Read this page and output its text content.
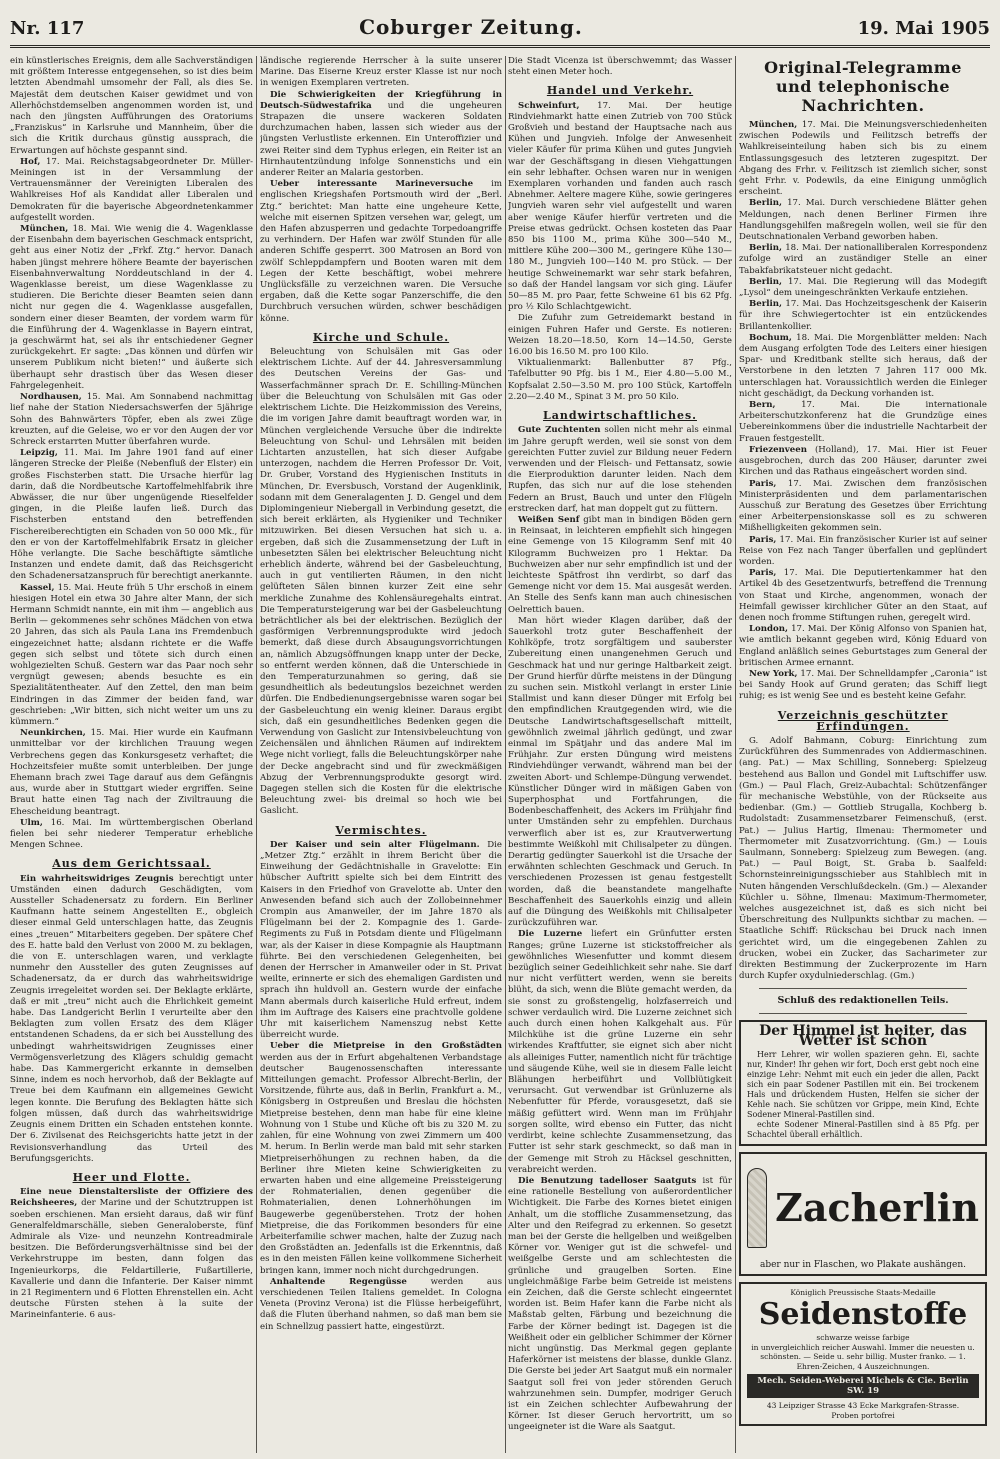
Nr. 117	Coburger Zeitung.	19. Mai 1905

ein künstlerisches Ereignis, dem alle Sachverständigen mit größtem Interesse entgegensehen, so ist dies beim letzten Abendmahl umsomehr der Fall, als dies Se. Majestät dem deutschen Kaiser gewidmet und von Allerhöchstdemselben angenommen worden ist, und nach den jüngsten Aufführungen des Oratoriums „Franziskus“ in Karlsruhe und Mannheim, über die sich die Kritik durchaus günstig aussprach, die Erwartungen auf höchste gespannt sind.

Hof, 17. Mai. Reichstagsabgeordneter Dr. Müller-Meiningen ist in der Versammlung der Vertrauensmänner der Vereinigten Liberalen des Wahlkreises Hof als Kandidat aller Liberalen und Demokraten für die bayerische Abgeordnetenkammer aufgestellt worden.

München, 18. Mai. Wie wenig die 4. Wagenklasse der Eisenbahn dem bayerischen Geschmack entspricht, geht aus einer Notiz der „Frkf. Ztg.“ hervor. Danach haben jüngst mehrere höhere Beamte der bayerischen Eisenbahnverwaltung Norddeutschland in der 4. Wagenklasse bereist, um diese Wagenklasse zu studieren. Die Berichte dieser Beamten seien dann nicht nur gegen die 4. Wagenklasse ausgefallen, sondern einer dieser Beamten, der vordem warm für die Einführung der 4. Wagenklasse in Bayern eintrat, ja geschwärmt hat, sei als ihr entschiedener Gegner zurückgekehrt. Er sagte: „Das können und dürfen wir unserem Publikum nicht bieten!“ und äußerte sich überhaupt sehr drastisch über das Wesen dieser Fahrgelegenheit.

Nordhausen, 15. Mai. Am Sonnabend nachmittag lief nahe der Station Niedersachswerfen der 5jährige Sohn des Bahnwärters Töpfer, eben als zwei Züge kreuzten, auf die Geleise, wo er vor den Augen der vor Schreck erstarrten Mutter überfahren wurde.

Leipzig, 11. Mai. Im Jahre 1901 fand auf einer längeren Strecke der Pleiße (Nebenfluß der Elster) ein großes Fischsterben statt. Die Ursache hierfür lag darin, daß die Nordbeutsche Kartoffelmehlfabrik ihre Abwässer, die nur über ungenügende Rieselfelder gingen, in die Pleiße laufen ließ. Durch das Fischsterben entstand den betreffenden Fischereiberechtigten ein Schaden von 50 000 Mk., für den er von der Kartoffelmehlfabrik Ersatz in gleicher Höhe verlangte. Die Sache beschäftigte sämtliche Instanzen und endete damit, daß das Reichsgericht den Schadenersatzanspruch für berechtigt anerkannte.

Kassel, 15. Mai. Heute früh 5 Uhr erschoß in einem hiesigen Hotel ein etwa 30 Jahre alter Mann, der sich Hermann Schmidt nannte, ein mit ihm — angeblich aus Berlin — gekommenes sehr schönes Mädchen von etwa 20 Jahren, das sich als Paula Lana ins Fremdenbuch eingezeichnet hatte; alsdann richtete er die Waffe gegen sich selbst und tötete sich durch einen wohlgezielten Schuß. Gestern war das Paar noch sehr vergnügt gewesen; abends besuchte es ein Spezialitätentheater. Auf den Zettel, den man beim Eindringen in das Zimmer der beiden fand, war geschrieben: „Wir bitten, sich nicht weiter um uns zu kümmern.“

Neunkirchen, 15. Mai. Hier wurde ein Kaufmann unmittelbar vor der kirchlichen Trauung wegen Verbrechens gegen das Konkursgesetz verhaftet; die Hochzeitsfeier mußte somit unterbleiben. Der junge Ehemann brach zwei Tage darauf aus dem Gefängnis aus, wurde aber in Stuttgart wieder ergriffen. Seine Braut hatte einen Tag nach der Ziviltrauung die Ehescheidung beantragt.

Ulm, 16. Mai. Im württembergischen Oberland fielen bei sehr niederer Temperatur erhebliche Mengen Schnee.

Aus dem Gerichtssaal.

Ein wahrheitswidriges Zeugnis berechtigt unter Umständen einen dadurch Geschädigten, vom Aussteller Schadenersatz zu fordern. Ein Berliner Kaufmann hatte seinem Angestellten E., obgleich dieser einmal Geld unterschlagen hatte, das Zeugnis eines „treuen“ Mitarbeiters gegeben. Der spätere Chef des E. hatte bald den Verlust von 2000 M. zu beklagen, die von E. unterschlagen waren, und verklagte nunmehr den Aussteller des guten Zeugnisses auf Schadenersatz, da er durch das wahrheitswidrige Zeugnis irregeleitet worden sei. Der Beklagte erklärte, daß er mit „treu“ nicht auch die Ehrlichkeit gemeint habe. Das Landgericht Berlin I verurteilte aber den Beklagten zum vollen Ersatz des dem Kläger entstandenen Schadens, da er sich bei Ausstellung des unbedingt wahrheitswidrigen Zeugnisses einer Vermögensverletzung des Klägers schuldig gemacht habe. Das Kammergericht erkannte in demselben Sinne, indem es noch hervorhob, daß der Beklagte auf Treue bei dem Kaufmann ein allgemeines Gewicht legen konnte. Die Berufung des Beklagten hätte sich folgen müssen, daß durch das wahrheitswidrige Zeugnis einem Dritten ein Schaden entstehen konnte. Der 6. Zivilsenat des Reichsgerichts hatte jetzt in der Revisionsverhandlung das Urteil des Berufungsgerichts.

Heer und Flotte.

Eine neue Dienstaltersliste der Offiziere des Reichsheeres, der Marine und der Schutztruppen ist soeben erschienen. Man ersieht daraus, daß wir fünf Generalfeldmarschälle, sieben Generaloberste, fünf Admirale als Vize- und neunzehn Kontreadmirale besitzen. Die Beförderungsverhältnisse sind bei der Verkehrstruppe im besten, dann folgen das Ingenieurkorps, die Feldartillerie, Fußartillerie, Kavallerie und dann die Infanterie. Der Kaiser nimmt in 21 Regimentern und 6 Flotten Ehrenstellen ein. Acht deutsche Fürsten stehen à la suite der Marineinfanterie. 6 aus-

ländische regierende Herrscher à la suite unserer Marine. Das Eiserne Kreuz erster Klasse ist nur noch in wenigen Exemplaren vertreten.

Die Schwierigkeiten der Kriegführung in Deutsch-Südwestafrika und die ungeheuren Strapazen die unsere wackeren Soldaten durchzumachen haben, lassen sich wieder aus der jüngsten Verlustliste erkennen. Ein Unteroffizier und zwei Reiter sind dem Typhus erlegen, ein Reiter ist an Hirnhautentzündung infolge Sonnenstichs und ein anderer Reiter an Malaria gestorben.

Ueber interessante Marineversuche im englischen Kriegshafen Portsmouth wird der „Berl. Ztg.“ berichtet: Man hatte eine ungeheure Kette, welche mit eisernen Spitzen versehen war, gelegt, um den Hafen abzusperren und gedachte Torpedoangriffe zu verhindern. Der Hafen war zwölf Stunden für alle anderen Schiffe gesperrt. 300 Matrosen an Bord von zwölf Schleppdampfern und Booten waren mit dem Legen der Kette beschäftigt, wobei mehrere Unglücksfälle zu verzeichnen waren. Die Versuche ergaben, daß die Kette sogar Panzerschiffe, die den Durchbruch versuchen würden, schwer beschädigen könne.

Kirche und Schule.

Beleuchtung von Schulsälen mit Gas oder elektrischem Lichte. Auf der 44. Jahresversammlung des Deutschen Vereins der Gas- und Wasserfachmänner sprach Dr. E. Schilling-München über die Beleuchtung von Schulsälen mit Gas oder elektrischem Lichte. Die Heizkommission des Vereins, die im vorigen Jahre damit beauftragt worden war, in München vergleichende Versuche über die indirekte Beleuchtung von Schul- und Lehrsälen mit beiden Lichtarten anzustellen, hat sich dieser Aufgabe unterzogen, nachdem die Herren Professor Dr. Voit, Dr. Gruber, Vorstand des Hygienischen Instituts in München, Dr. Eversbusch, Vorstand der Augenklinik, sodann mit dem Generalagenten J. D. Gengel und dem Diplomingenieur Niebergall in Verbindung gesetzt, die sich bereit erklärten, als Hygieniker und Techniker mitzuwirken. Bei diesen Versuchen hat sich u. a. ergeben, daß sich die Zusammensetzung der Luft in unbesetzten Sälen bei elektrischer Beleuchtung nicht erheblich änderte, während bei der Gasbeleuchtung, auch in gut ventilierten Räumen, in den nicht gelüfteten Sälen binnen kurzer Zeit eine sehr merkliche Zunahme des Kohlensäuregehalts eintrat. Die Temperatursteigerung war bei der Gasbeleuchtung beträchtlicher als bei der elektrischen. Bezüglich der gasförmigen Verbrennungsprodukte wird jedoch bemerkt, daß diese durch Absaugungsvorrichtungen an, nämlich Abzugsöffnungen knapp unter der Decke, so entfernt werden können, daß die Unterschiede in den Temperaturzunahmen so gering, daß sie gesundheitlich als bedeutungslos bezeichnet werden dürfen. Die Endbedienungsergebnisse waren sogar bei der Gasbeleuchtung ein wenig kleiner. Daraus ergibt sich, daß ein gesundheitliches Bedenken gegen die Verwendung von Gaslicht zur Intensivbeleuchtung von Zeichensälen und ähnlichen Räumen auf indirektem Wege nicht vorliegt, falls die Beleuchtungskörper nahe der Decke angebracht sind und für zweckmäßigen Abzug der Verbrennungsprodukte gesorgt wird. Dagegen stellen sich die Kosten für die elektrische Beleuchtung zwei- bis dreimal so hoch wie bei Gaslicht.

Vermischtes.

Der Kaiser und sein alter Flügelmann. Die „Metzer Ztg.“ erzählt in ihrem Bericht über die Einweihung der Gedächtnishalle in Gravelotte: Ein hübscher Auftritt spielte sich bei dem Eintritt des Kaisers in den Friedhof von Gravelotte ab. Unter den Anwesenden befand sich auch der Zollobeinnehmer Crompin aus Amanweiler, der im Jahre 1870 als Flügelmann bei der 2. Kompagnie des 1. Garde-Regiments zu Fuß in Potsdam diente und Flügelmann war, als der Kaiser in diese Kompagnie als Hauptmann führte. Bei den verschiedenen Gelegenheiten, bei denen der Herrscher in Amanweiler oder in St. Privat weilte, erinnerte er sich des ehemaligen Gardisten und sprach ihn huldvoll an. Gestern wurde der einfache Mann abermals durch kaiserliche Huld erfreut, indem ihm im Auftrage des Kaisers eine prachtvolle goldene Uhr mit kaiserlichem Namenszug nebst Kette überreicht wurde.

Ueber die Mietpreise in den Großstädten werden aus der in Erfurt abgehaltenen Verbandstage deutscher Baugenossenschaften interessante Mitteilungen gemacht. Professor Albrecht-Berlin, der Vorsitzende, führte aus, daß in Berlin, Frankfurt a. M., Königsberg in Ostpreußen und Breslau die höchsten Mietpreise bestehen, denn man habe für eine kleine Wohnung von 1 Stube und Küche oft bis zu 320 M. zu zahlen, für eine Wohnung von zwei Zimmern um 400 M. herum. In Berlin werde man bald mit sehr starken Mietpreiserhöhungen zu rechnen haben, da die Berliner ihre Mieten keine Schwierigkeiten zu erwarten haben und eine allgemeine Preissteigerung der Rohmaterialien, denen gegenüber die Rohmaterialien, denen Lohnerhöhungen im Baugewerbe gegenüberstehen. Trotz der hohen Mietpreise, die das Forikommen besonders für eine Arbeiterfamilie schwer machen, halte der Zuzug nach den Großstädten an. Jedenfalls ist die Erkenntnis, daß es in den meisten Fällen keine vollkommene Sicherheit bringen kann, immer noch nicht durchgedrungen.

Anhaltende Regengüsse	werden aus verschiedenen Teilen Italiens gemeldet. In Cologna Veneta (Provinz Verona) ist die Flüsse herbeigeführt, daß die Fluten überhand nahmen, so daß man bem sie ein Schnellzug passiert hatte, eingestürzt.

Die Stadt Vicenza ist überschwemmt; das Wasser steht einen Meter hoch.

Handel und Verkehr.

Schweinfurt, 17. Mai. Der heutige Rindviehmarkt hatte einen Zutrieb von 700 Stück Großvieh und bestand der Hauptsache nach aus Kühen und Jungvieh. Infolge der Anwesenheit vieler Käufer für prima Kühen und gutes Jungvieh war der Geschäftsgang in diesen Viehgattungen ein sehr lebhafter. Ochsen waren nur in wenigen Exemplaren vorhanden und fanden auch rasch Abnehmer. Aeltere magere Kühe, sowie geringeres Jungvieh waren sehr viel aufgestellt und waren aber wenige Käufer hierfür vertreten und die Preise etwas gedrückt. Ochsen kosteten das Paar 850 bis 1100 M., prima Kühe 300—540 M., mittlere Kühe 200—300 M., geringere Kühe 130—180 M., Jungvieh 100—140 M. pro Stück. — Der heutige Schweinemarkt war sehr stark befahren, so daß der Handel langsam vor sich ging. Läufer 50—85 M. pro Paar, fette Schweine 61 bis 62 Pfg. pro ½ Kilo Schlachtgewicht.

Die Zufuhr zum Getreidemarkt bestand in einigen Fuhren Hafer und Gerste. Es notieren: Weizen 18.20—18.50, Korn 14—14.50, Gerste 16.00 bis 16.50 M. pro 100 Kilo.

Viktualienmarkt: Ballenbutter 87 Pfg., Tafelbutter 90 Pfg. bis 1 M., Eier 4.80—5.00 M., Kopfsalat 2.50—3.50 M. pro 100 Stück, Kartoffeln 2.20—2.40 M., Spinat 3 M. pro 50 Kilo.

Landwirtschaftliches.

Gute Zuchtenten sollen nicht mehr als einmal im Jahre gerupft werden, weil sie sonst von dem gereichten Futter zuviel zur Bildung neuer Federn verwenden und der Fleisch- und Fettansatz, sowie die Eierproduktion darunter leiden. Nach dem Rupfen, das sich nur auf die lose stehenden Federn an Brust, Bauch und unter den Flügeln erstrecken darf, hat man doppelt gut zu füttern.

Weißen Senf gibt man in bindigen Böden gern in Reinsaat, in leichteren empfiehlt sich hingegen eine Gemenge von 15 Kilogramm Senf mit 40 Kilogramm Buchweizen pro 1 Hektar. Da Buchweizen aber nur sehr empfindlich ist und der leichteste Spätfrost ihn verdirbt, so darf das Gemenge nicht vor dem 15. Mai ausgesät werden. An Stelle des Senfs kann man auch chinesischen Oelrettich bauen.

Man hört wieder Klagen darüber, daß der Sauerkohl trotz guter Beschaffenheit der Kohlköpfe, trotz sorgfältigem und sauberster Zubereitung einen unangenehmen Geruch und Geschmack hat und nur geringe Haltbarkeit zeigt. Der Grund hierfür dürfte meistens in der Düngung zu suchen sein. Mistkohl verlangt in erster Linie Stallmist und kann dieser Dünger mit Erfolg bei den empfindlichen Krautgegenden wird, wie die Deutsche Landwirtschaftsgesellschaft mitteilt, gewöhnlich zweimal jährlich gedüngt, und zwar einmal im Spätjahr und das andere Mal im Frühjahr. Zur ersten Düngung wird meistens Rindviehdünger verwandt, während man bei der zweiten Abort- und Schlempe-Düngung verwendet. Künstlicher Dünger wird in mäßigen Gaben von Superphosphat und Fortfahrungen, die Bodenbeschaffenheit, des Ackers im Frühjahr find unter Umständen sehr zu empfehlen. Durchaus verwerflich aber ist es, zur Krautverwertung bestimmte Weißkohl mit Chilisalpeter zu düngen. Derartig gedüngter Sauerkohl ist die Ursache der erwähnten schlechten Geschmack und Geruch. In verschiedenen Prozessen ist genau festgestellt worden, daß die beanstandete mangelhafte Beschaffenheit des Sauerkohls einzig und allein auf die Düngung des Weißkohls mit Chilisalpeter zurückzuführen war.

Die Luzerne liefert ein Grünfutter ersten Ranges; grüne Luzerne ist stickstoffreicher als gewöhnliches Wiesenfutter und kommt diesem bezüglich seiner Gedeihlichkeit sehr nahe. Sie darf nur nicht verfüttert werden, wenn sie bereits blüht, da sich, wenn die Blüte gemacht werden, da sie sonst zu großstengelig, holzfaserreich und schwer verdaulich wird. Die Luzerne zeichnet sich auch durch einen hohen Kalkgehalt aus. Für Milchkühe ist die grüne Luzerne ein sehr wirkendes Kraftfutter, sie eignet sich aber nicht als alleiniges Futter, namentlich nicht für trächtige und säugende Kühe, weil sie in diesem Falle leicht Blähungen herbeiführt und Vollblütigkeit verursacht. Gut verwendbar ist Grünluzerne als Nebenfutter für Pferde, vorausgesetzt, daß sie mäßig gefüttert wird. Wenn man im Frühjahr sorgen sollte, wird ebenso ein Futter, das nicht verdirbt, keine schlechte Zusammensetzung, das Futter ist sehr stark geschmeckt, so daß man in der Gemenge mit Stroh zu Häcksel geschnitten, verabreicht werden.

Die Benutzung tadelloser Saatguts ist für eine rationelle Bestellung von außerordentlicher Wichtigkeit. Die Farbe des Kornes bietet einigen Anhalt, um die stoffliche Zusammensetzung, das Alter und den Reifegrad zu erkennen. So gesetzt man bei der Gerste die hellgelben und weißgelben Körner vor. Weniger gut ist die schwefel- und weißgelbe Gerste und am schlechtesten die grünliche und graugelben Sorten. Eine ungleichmäßige Farbe beim Getreide ist meistens ein Zeichen, daß die Gerste schlecht eingeerntet worden ist. Beim Hafer kann die Farbe nicht als Maßstab gelten, Färbung und bezeichnung die Farbe der Körner bedingt ist. Dagegen ist die Weißheit oder ein gelblicher Schimmer der Körner nicht ungünstig. Das Merkmal gegen geplante Haferkörner ist meistens der blasse, dunkle Glanz. Die Gerste bei jeder Art Saatgut muß ein normaler Saatgut soll frei von jeder störenden Geruch wahrzunehmen sein. Dumpfer, modriger Geruch ist ein Zeichen schlechter Aufbewahrung der Körner. Ist dieser Geruch hervortritt, um so ungeeigneter ist die Ware als Saatgut.

Original-Telegramme
und telephonische Nachrichten.

München, 17. Mai. Die Meinungsverschiedenheiten zwischen Podewils und Feilitzsch betreffs der Wahlkreiseinteilung haben sich bis zu einem Entlassungsgesuch des letzteren zugespitzt. Der Abgang des Frhr. v. Feilitzsch ist ziemlich sicher, sonst geht Frhr. v. Podewils, da eine Einigung unmöglich erscheint.

Berlin, 17. Mai. Durch verschiedene Blätter gehen Meldungen, nach denen Berliner Firmen ihre Handlungsgehilfen maßregeln wollen, weil sie für den Deutschnationalen Verband geworben haben.

Berlin, 18. Mai. Der nationalliberalen Korrespondenz zufolge wird an zuständiger Stelle an einer Tabakfabrikatsteuer nicht gedacht.

Berlin, 17. Mai. Die Regierung will das Modegift „Lysol“ dem uneingeschränkten Verkaufe entziehen.

Berlin, 17. Mai. Das Hochzeitsgeschenk der Kaiserin für ihre Schwiegertochter ist ein entzückendes Brillantenkollier.

Bochum, 18. Mai. Die Morgenblätter melden: Nach dem Ausgang erfolgten Tode des Leiters einer hiesigen Spar- und Kreditbank stellte sich heraus, daß der Verstorbene in den letzten 7 Jahren 117 000 Mk. unterschlagen hat. Voraussichtlich werden die Einleger nicht geschädigt, da Deckung vorhanden ist.

Bern,	17. Mai. Die internationale Arbeiterschutzkonferenz hat die Grundzüge eines Uebereinkommens über die industrielle Nachtarbeit der Frauen festgestellt.

Friezenveen (Holland), 17. Mai. Hier ist Feuer ausgebrochen, durch das 200 Häuser, darunter zwei Kirchen und das Rathaus eingeäschert worden sind.

Paris, 17. Mai. Zwischen dem französischen Ministerpräsidenten und dem parlamentarischen Ausschuß zur Beratung des Gesetzes über Errichtung einer Arbeiterpensionskasse soll es zu schweren Mißhelligkeiten gekommen sein.

Paris, 17. Mai. Ein französischer Kurier ist auf seiner Reise von Fez nach Tanger überfallen und geplündert worden.

Paris, 17. Mai. Die Deputiertenkammer hat den Artikel 4b des Gesetzentwurfs, betreffend die Trennung von Staat und Kirche, angenommen, wonach der Heimfall gewisser kirchlicher Güter an den Staat, auf denen noch fromme Stiftungen ruhen, geregelt wird.

London, 17. Mai. Der König Alfonso von Spanien hat, wie amtlich bekannt gegeben wird, König Eduard von England anläßlich seines Geburtstages zum General der britischen Armee ernannt.

New York, 17. Mai. Der Schnelldampfer „Caronia“ ist bei Sandy Hook auf Grund geraten; das Schiff liegt ruhig; es ist wenig See und es besteht keine Gefahr.

Verzeichnis geschützter Erfindungen.

G. Adolf Bahmann, Coburg: Einrichtung zum Zurückführen des Summenrades von Addiermaschinen. (ang. Pat.) — Max Schilling, Sonneberg: Spielzeug bestehend aus Ballon und Gondel mit Luftschiffer usw. (Gm.) — Paul Flach, Greiz-Aubachtal: Schützenfänger für mechanische Webstühle, von der Rückseite aus bedienbar. (Gm.) — Gottlieb Strugalla, Kochberg b. Rudolstadt: Zusammensetzbarer Feimenschuß, (erst. Pat.) — Julius Hartig, Ilmenau: Thermometer und Thermometer mit Zusatzvorrichtung. (Gm.) — Louis Saulmann, Sonneberg: Spielzeug zum Bewegen. (ang. Pat.) — Paul Boigt, St. Graba b. Saalfeld: Schornsteinreinigungsschieber aus Stahlblech mit in Nuten hängenden Verschlußdeckeln. (Gm.) — Alexander Küchler u. Söhne, Ilmenau: Maximum-Thermometer, welches ausgezeichnet ist, daß es sich nicht bei Überschreitung des Nullpunkts sichtbar zu machen. — Staatliche Schiff: Rückschau bei Druck nach innen gerichtet wird, um die eingegebenen Zahlen zu drucken, wobei ein Zucker, das Sacharimeter zur direkten Bestimmung der Zuckerprozente im Harn durch Kupfer oxydulniederschlag. (Gm.)

Schluß des redaktionellen Teils.
Der Himmel ist heiter, das Wetter ist schön

Herr Lehrer, wir wollen spazieren gehn. Ei, sachte nur, Kinder! Ihr gehen wir fort, Doch erst gebt noch eine einzige Lehr: Nehmt mit euch ein jeder die allen, Packt sich ein paar Sodener Pastillen mit ein. Bei trockenem Hals und drückendem Husten, Helfen sie sicher der Kehle nach. Sie schützen vor Grippe, mein Kind, Echte Sodener Mineral-Pastillen sind.

echte Sodener Mineral-Pastillen sind à 85 Pfg. per Schachtel überall erhältlich.

Zacherlin
aber nur in Flaschen, wo Plakate aushängen.
Königlich Preussische Staats-Medaille
Seidenstoffe
schwarze weisse farbige
in unvergleichlich reicher Auswahl. Immer die neuesten u. schönsten. — Seide u. sehr billig. Muster franko. — 1. Ehren-Zeichen, 4 Auszeichnungen.
Mech. Seiden-Weberei Michels & Cie. Berlin SW. 19
43 Leipziger Strasse 43 Ecke Markgrafen-Strasse.
Proben portofrei
